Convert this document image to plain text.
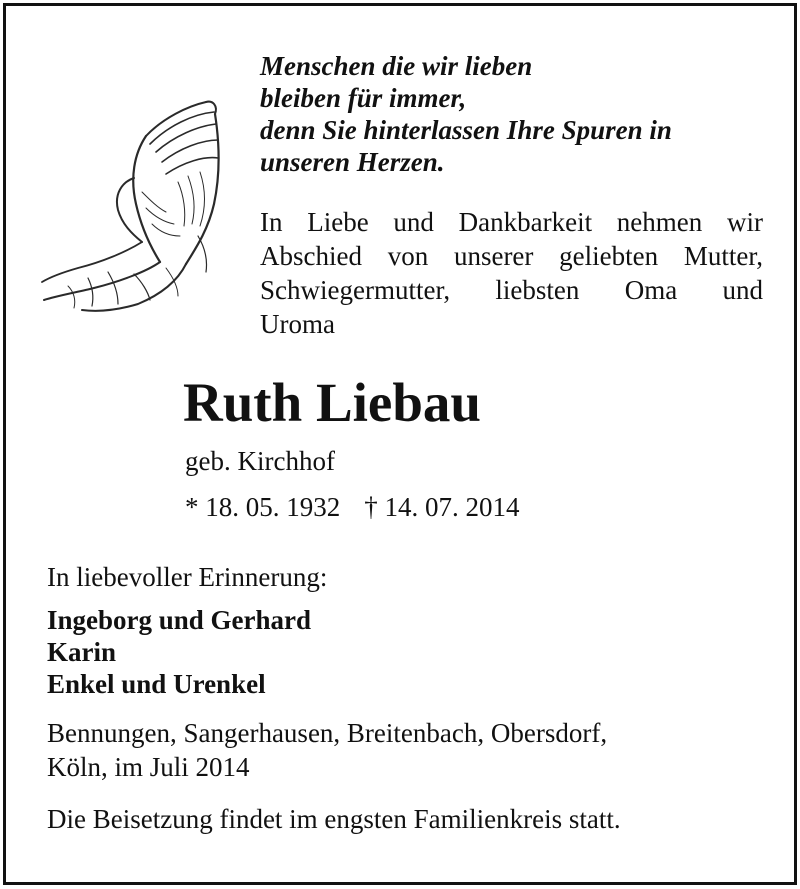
Menschen die wir lieben
bleiben für immer,
denn Sie hinterlassen Ihre Spuren in
unseren Herzen.
In Liebe und Dankbarkeit nehmen wir
Abschied von unserer geliebten Mutter,
Schwiegermutter, liebsten Oma und
Uroma
Ruth Liebau
geb. Kirchhof
* 18. 05. 1932 † 14. 07. 2014
In liebevoller Erinnerung:
Ingeborg und Gerhard
Karin
Enkel und Urenkel
Bennungen, Sangerhausen, Breitenbach, Obersdorf,
Köln, im Juli 2014
Die Beisetzung findet im engsten Familienkreis statt.
